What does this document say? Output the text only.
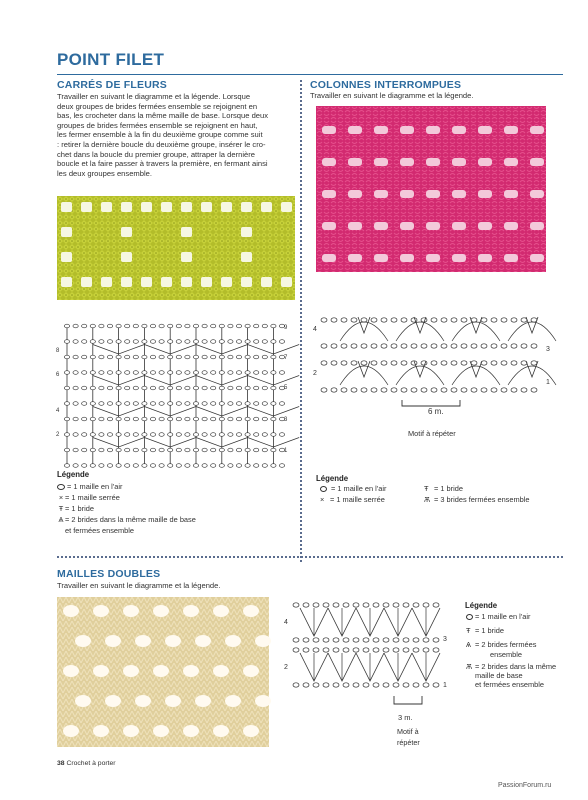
POINT FILET
CARRÉS DE FLEURS
Travailler en suivant le diagramme et la légende. Lorsque
deux groupes de brides fermées ensemble se rejoignent en
bas, les crocheter dans la même maille de base. Lorsque deux
groupes de brides fermées ensemble se rejoignent en haut,
les fermer ensemble à la fin du deuxième groupe comme suit
: retirer la dernière boucle du deuxième groupe, insérer le cro-
chet dans la boucle du premier groupe, attraper la dernière
boucle et la faire passer à travers la première, en fermant ainsi
les deux groupes ensemble.
8
6
4
2
9
7
5
3
1
Légende
= 1 maille en l'air
× = 1 maille serrée
Ŧ = 1 bride
Ѧ = 2 brides dans la même maille de base
et fermées ensemble
COLONNES INTERROMPUES
Travailler en suivant le diagramme et la légende.
4
3
2
1
6 m.
Motif à répéter
Légende
= 1 maille en l'air
× = 1 maille serrée
Ŧ = 1 bride
Ѫ = 3 brides fermées ensemble
MAILLES DOUBLES
Travailler en suivant le diagramme et la légende.
4
3
2
1
3 m.
Motif à
répéter
Légende
= 1 maille en l'air
Ŧ = 1 bride
Ѧ = 2 brides fermées
ensemble
Ѫ = 2 brides dans la même
maille de base
et fermées ensemble
38 Crochet à porter
PassionForum.ru
